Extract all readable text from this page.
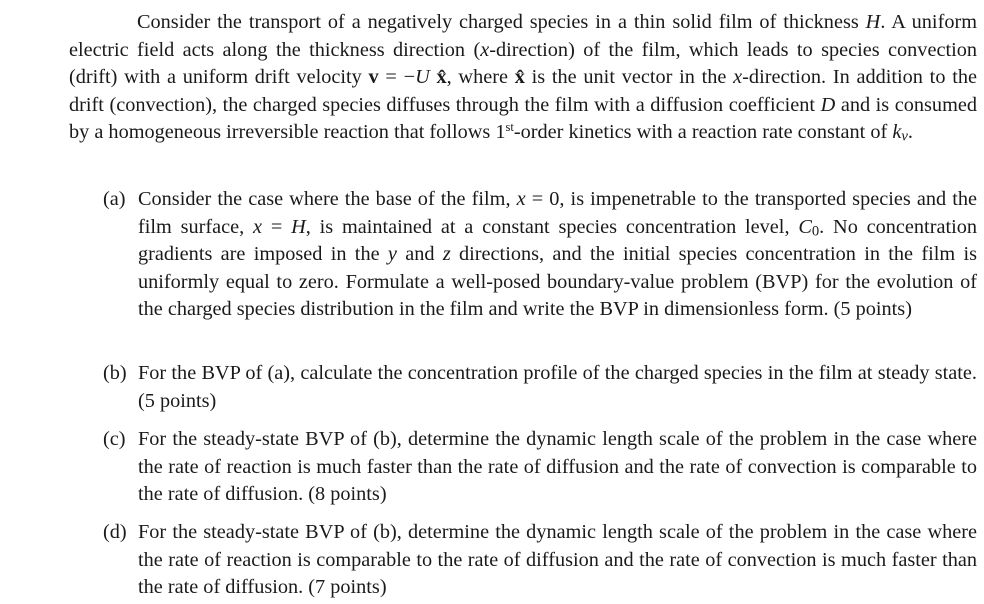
Consider the transport of a negatively charged species in a thin solid film of thickness H. A uniform electric field acts along the thickness direction (x-direction) of the film, which leads to species convection (drift) with a uniform drift velocity v = −U x̂, where x̂ is the unit vector in the x-direction. In addition to the drift (convection), the charged species diffuses through the film with a diffusion coefficient D and is consumed by a homogeneous irreversible reaction that follows 1st-order kinetics with a reaction rate constant of $k_v$.

(a) Consider the case where the base of the film, x = 0, is impenetrable to the transported species and the film surface, x = H, is maintained at a constant species concentration level, $C_0$. No concentration gradients are imposed in the y and z directions, and the initial species concentration in the film is uniformly equal to zero. Formulate a well-posed boundary-value problem (BVP) for the evolution of the charged species distribution in the film and write the BVP in dimensionless form. (5 points)
(b) For the BVP of (a), calculate the concentration profile of the charged species in the film at steady state. (5 points)
(c) For the steady-state BVP of (b), determine the dynamic length scale of the problem in the case where the rate of reaction is much faster than the rate of diffusion and the rate of convection is comparable to the rate of diffusion. (8 points)
(d) For the steady-state BVP of (b), determine the dynamic length scale of the problem in the case where the rate of reaction is comparable to the rate of diffusion and the rate of convection is much faster than the rate of diffusion. (7 points)
